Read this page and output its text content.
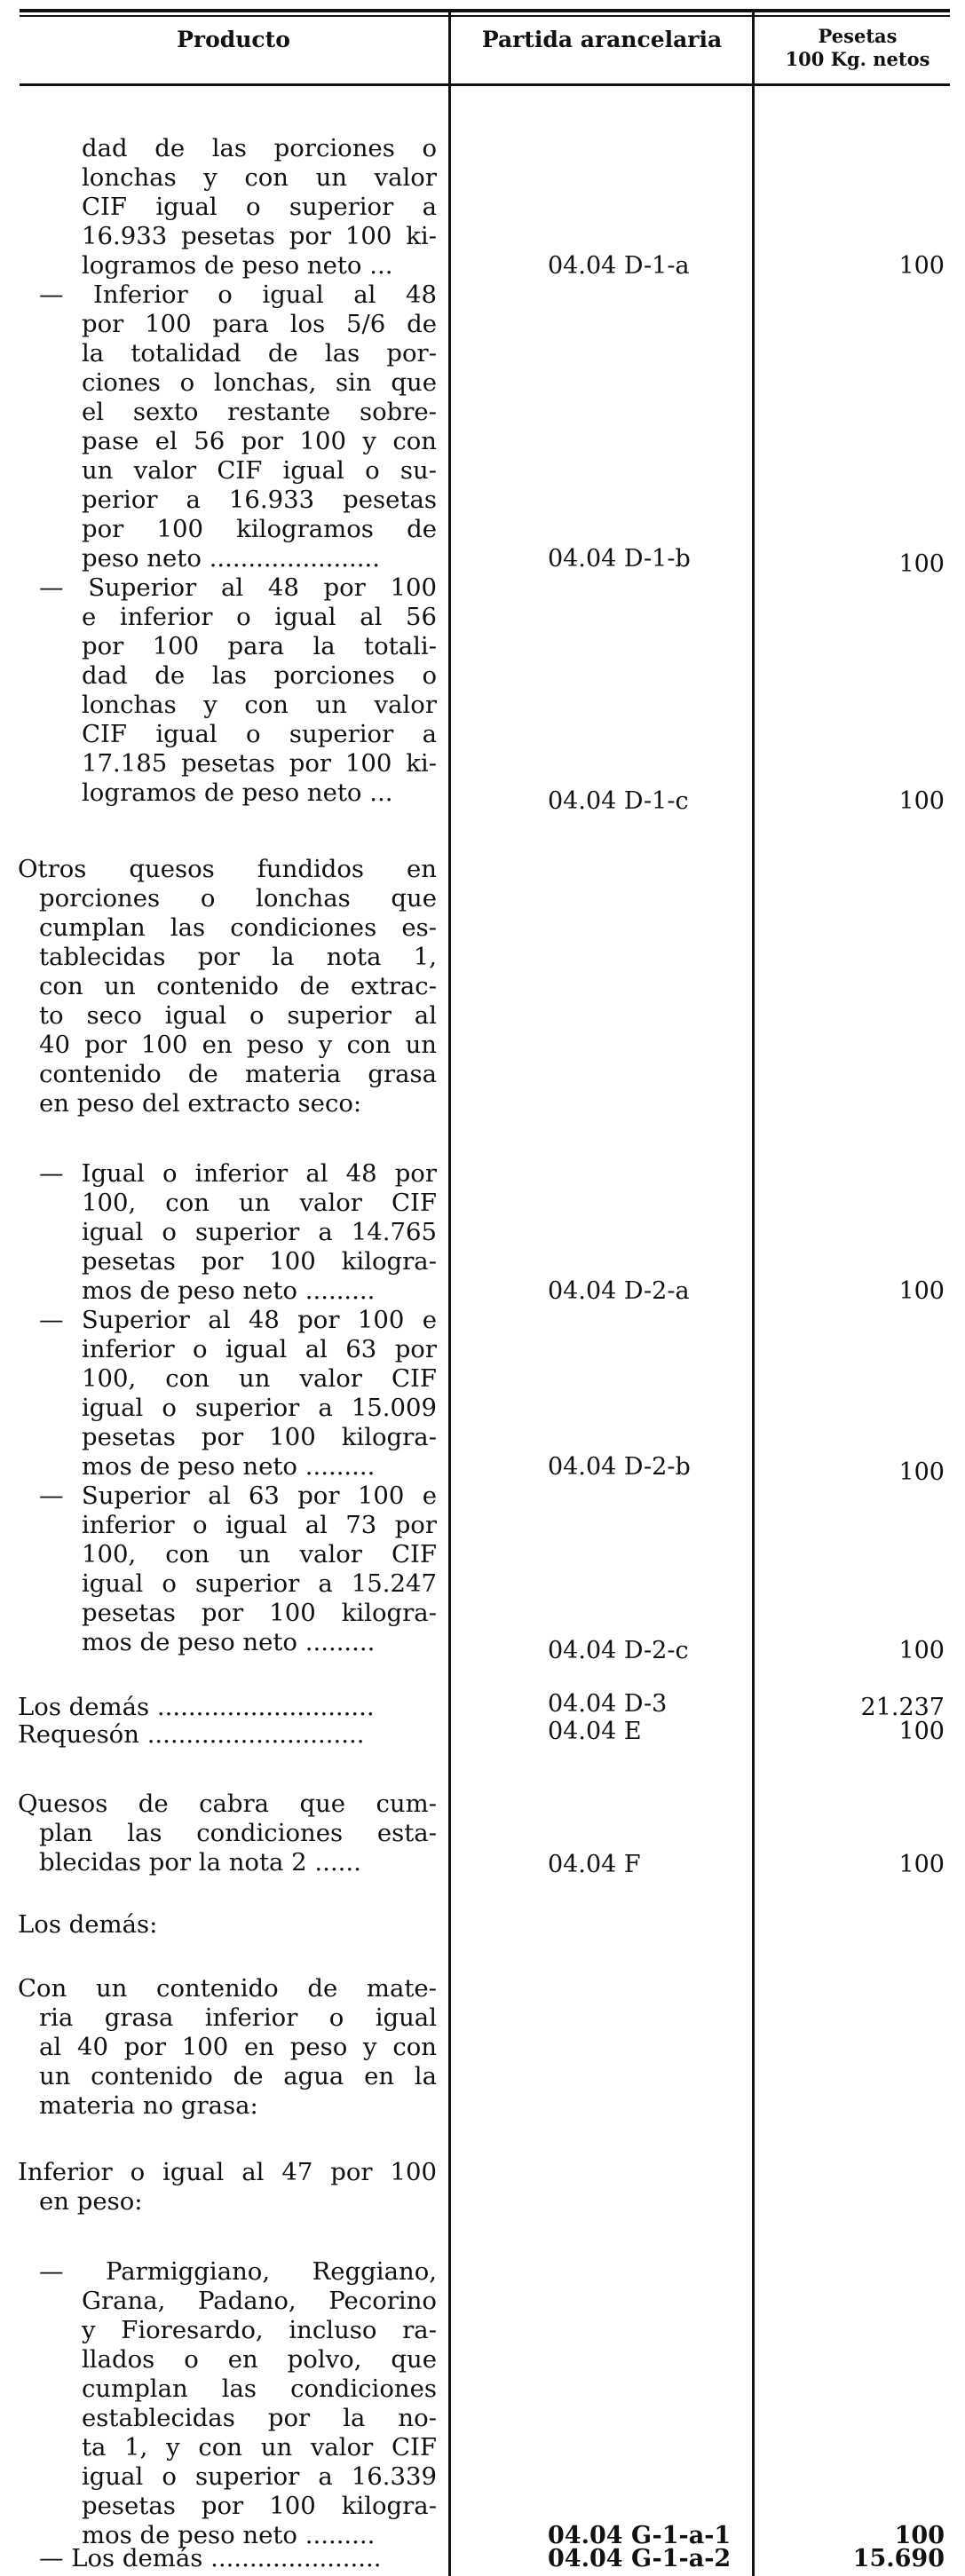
Producto	Partida arancelaria	Pesetas
100 Kg. netos
dad de las porciones o
lonchas y con un valor
CIF igual o superior a
16.933 pesetas por 100 ki-
logramos de peso neto ...	04.04 D-1-a	100
— Inferior o igual al 48
por 100 para los 5/6 de
la totalidad de las por-
ciones o lonchas, sin que
el sexto restante sobre-
pase el 56 por 100 y con
un valor CIF igual o su-
perior a 16.933 pesetas
por 100 kilogramos de
peso neto ......................	04.04 D-1-b	100
— Superior al 48 por 100
e inferior o igual al 56
por 100 para la totali-
dad de las porciones o
lonchas y con un valor
CIF igual o superior a
17.185 pesetas por 100 ki-
logramos de peso neto ...	04.04 D-1-c	100
Otros quesos fundidos en
porciones o lonchas que
cumplan las condiciones es-
tablecidas por la nota 1,
con un contenido de extrac-
to seco igual o superior al
40 por 100 en peso y con un
contenido de materia grasa
en peso del extracto seco:
— Igual o inferior al 48 por
100, con un valor CIF
igual o superior a 14.765
pesetas por 100 kilogra-
mos de peso neto .........	04.04 D-2-a	100
— Superior al 48 por 100 e
inferior o igual al 63 por
100, con un valor CIF
igual o superior a 15.009
pesetas por 100 kilogra-
mos de peso neto .........	04.04 D-2-b	100
— Superior al 63 por 100 e
inferior o igual al 73 por
100, con un valor CIF
igual o superior a 15.247
pesetas por 100 kilogra-
mos de peso neto .........	04.04 D-2-c	100
Los demás ............................	04.04 D-3	21.237
Requesón ............................	04.04 E	100
Quesos de cabra que cum-
plan las condiciones esta-
blecidas por la nota 2 ......	04.04 F	100
Los demás:
Con un contenido de mate-
ria grasa inferior o igual
al 40 por 100 en peso y con
un contenido de agua en la
materia no grasa:
Inferior o igual al 47 por 100
en peso:
— Parmiggiano, Reggiano,
Grana, Padano, Pecorino
y Fioresardo, incluso ra-
llados o en polvo, que
cumplan las condiciones
establecidas por la no-
ta 1, y con un valor CIF
igual o superior a 16.339
pesetas por 100 kilogra-
mos de peso neto .........	04.04 G-1-a-1	100
— Los demás ......................	04.04 G-1-a-2	15.690
